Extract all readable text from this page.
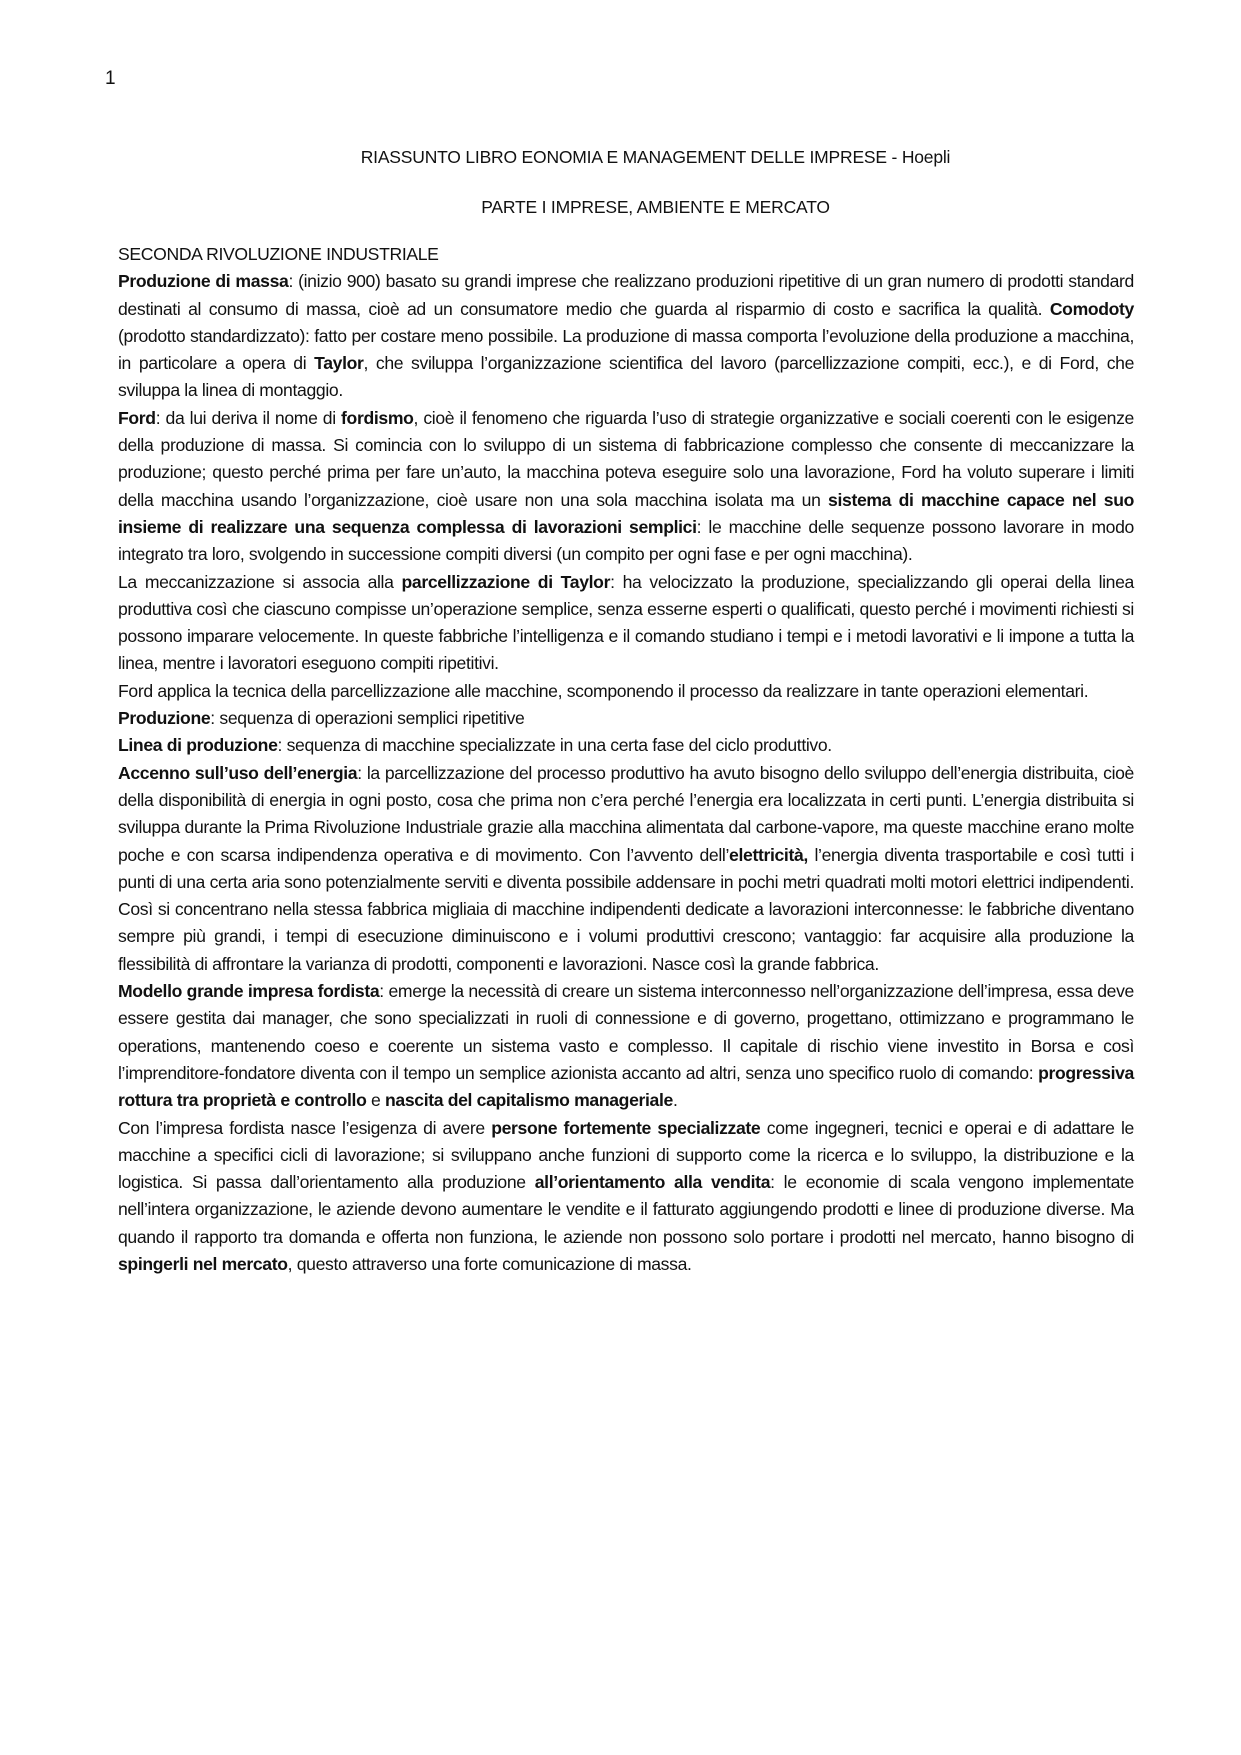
1
RIASSUNTO LIBRO EONOMIA E MANAGEMENT DELLE IMPRESE - Hoepli
PARTE I IMPRESE, AMBIENTE E MERCATO
SECONDA RIVOLUZIONE INDUSTRIALE

Produzione di massa: (inizio 900) basato su grandi imprese che realizzano produzioni ripetitive di un gran numero di prodotti standard destinati al consumo di massa, cioè ad un consumatore medio che guarda al risparmio di costo e sacrifica la qualità. Comodoty (prodotto standardizzato): fatto per costare meno possibile. La produzione di massa comporta l’evoluzione della produzione a macchina, in particolare a opera di Taylor, che sviluppa l’organizzazione scientifica del lavoro (parcellizzazione compiti, ecc.), e di Ford, che sviluppa la linea di montaggio.

Ford: da lui deriva il nome di fordismo, cioè il fenomeno che riguarda l’uso di strategie organizzative e sociali coerenti con le esigenze della produzione di massa. Si comincia con lo sviluppo di un sistema di fabbricazione complesso che consente di meccanizzare la produzione; questo perché prima per fare un’auto, la macchina poteva eseguire solo una lavorazione, Ford ha voluto superare i limiti della macchina usando l’organizzazione, cioè usare non una sola macchina isolata ma un sistema di macchine capace nel suo insieme di realizzare una sequenza complessa di lavorazioni semplici: le macchine delle sequenze possono lavorare in modo integrato tra loro, svolgendo in successione compiti diversi (un compito per ogni fase e per ogni macchina).

La meccanizzazione si associa alla parcellizzazione di Taylor: ha velocizzato la produzione, specializzando gli operai della linea produttiva così che ciascuno compisse un’operazione semplice, senza esserne esperti o qualificati, questo perché i movimenti richiesti si possono imparare velocemente. In queste fabbriche l’intelligenza e il comando studiano i tempi e i metodi lavorativi e li impone a tutta la linea, mentre i lavoratori eseguono compiti ripetitivi.

Ford applica la tecnica della parcellizzazione alle macchine, scomponendo il processo da realizzare in tante operazioni elementari.

Produzione: sequenza di operazioni semplici ripetitive

Linea di produzione: sequenza di macchine specializzate in una certa fase del ciclo produttivo.

Accenno sull’uso dell’energia: la parcellizzazione del processo produttivo ha avuto bisogno dello sviluppo dell’energia distribuita, cioè della disponibilità di energia in ogni posto, cosa che prima non c’era perché l’energia era localizzata in certi punti. L’energia distribuita si sviluppa durante la Prima Rivoluzione Industriale grazie alla macchina alimentata dal carbone-vapore, ma queste macchine erano molte poche e con scarsa indipendenza operativa e di movimento. Con l’avvento dell’elettricità, l’energia diventa trasportabile e così tutti i punti di una certa aria sono potenzialmente serviti e diventa possibile addensare in pochi metri quadrati molti motori elettrici indipendenti. Così si concentrano nella stessa fabbrica migliaia di macchine indipendenti dedicate a lavorazioni interconnesse: le fabbriche diventano sempre più grandi, i tempi di esecuzione diminuiscono e i volumi produttivi crescono; vantaggio: far acquisire alla produzione la flessibilità di affrontare la varianza di prodotti, componenti e lavorazioni. Nasce così la grande fabbrica.

Modello grande impresa fordista: emerge la necessità di creare un sistema interconnesso nell’organizzazione dell’impresa, essa deve essere gestita dai manager, che sono specializzati in ruoli di connessione e di governo, progettano, ottimizzano e programmano le operations, mantenendo coeso e coerente un sistema vasto e complesso. Il capitale di rischio viene investito in Borsa e così l’imprenditore-fondatore diventa con il tempo un semplice azionista accanto ad altri, senza uno specifico ruolo di comando: progressiva rottura tra proprietà e controllo e nascita del capitalismo manageriale.

Con l’impresa fordista nasce l’esigenza di avere persone fortemente specializzate come ingegneri, tecnici e operai e di adattare le macchine a specifici cicli di lavorazione; si sviluppano anche funzioni di supporto come la ricerca e lo sviluppo, la distribuzione e la logistica. Si passa dall’orientamento alla produzione all’orientamento alla vendita: le economie di scala vengono implementate nell’intera organizzazione, le aziende devono aumentare le vendite e il fatturato aggiungendo prodotti e linee di produzione diverse. Ma quando il rapporto tra domanda e offerta non funziona, le aziende non possono solo portare i prodotti nel mercato, hanno bisogno di spingerli nel mercato, questo attraverso una forte comunicazione di massa.
